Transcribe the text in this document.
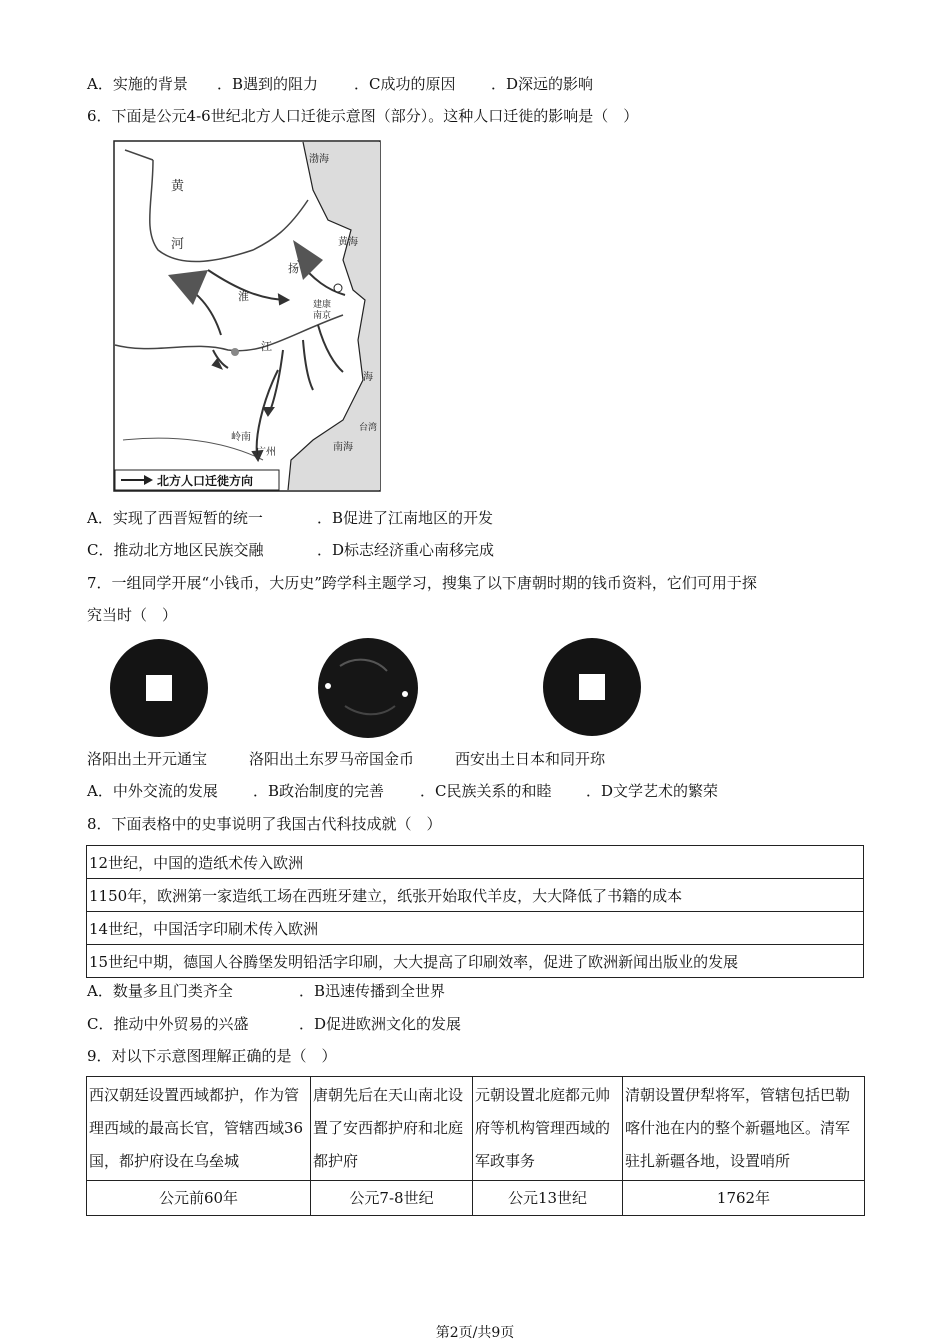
A．实施的背景 ．B遇到的阻力 ．C成功的原因 ．D深远的影响
6．下面是公元4-6世纪北方人口迁徙示意图（部分）。这种人口迁徙的影响是（　）
黄
河
渤海
黄海
建康
南京
江
岭南
广州	南海
海
台湾
淮
扬
北方人口迁徙方向
A．实现了西晋短暂的统一	．B促进了江南地区的开发
C．推动北方地区民族交融	．D标志经济重心南移完成
7．一组同学开展“小钱币，大历史”跨学科主题学习，搜集了以下唐朝时期的钱币资料，它们可用于探
究当时（　）
洛阳出土开元通宝	洛阳出土东罗马帝国金币	西安出土日本和同开珎
A．中外交流的发展 ．B政治制度的完善 ．C民族关系的和睦 ．D文学艺术的繁荣
8．下面表格中的史事说明了我国古代科技成就（　）
12世纪，中国的造纸术传入欧洲
1150年，欧洲第一家造纸工场在西班牙建立，纸张开始取代羊皮，大大降低了书籍的成本
14世纪，中国活字印刷术传入欧洲
15世纪中期，德国人谷腾堡发明铅活字印刷，大大提高了印刷效率，促进了欧洲新闻出版业的发展
A．数量多且门类齐全	．B迅速传播到全世界
C．推动中外贸易的兴盛	．D促进欧洲文化的发展
9．对以下示意图理解正确的是（　）
西汉朝廷设置西域都护，作为管理西域的最高长官，管辖西域36国，都护府设在乌垒城	唐朝先后在天山南北设置了安西都护府和北庭都护府	元朝设置北庭都元帅府等机构管理西域的军政事务	清朝设置伊犁将军，管辖包括巴勒喀什池在内的整个新疆地区。清军驻扎新疆各地，设置哨所
公元前60年	公元7-8世纪	公元13世纪	1762年
第2页/共9页
